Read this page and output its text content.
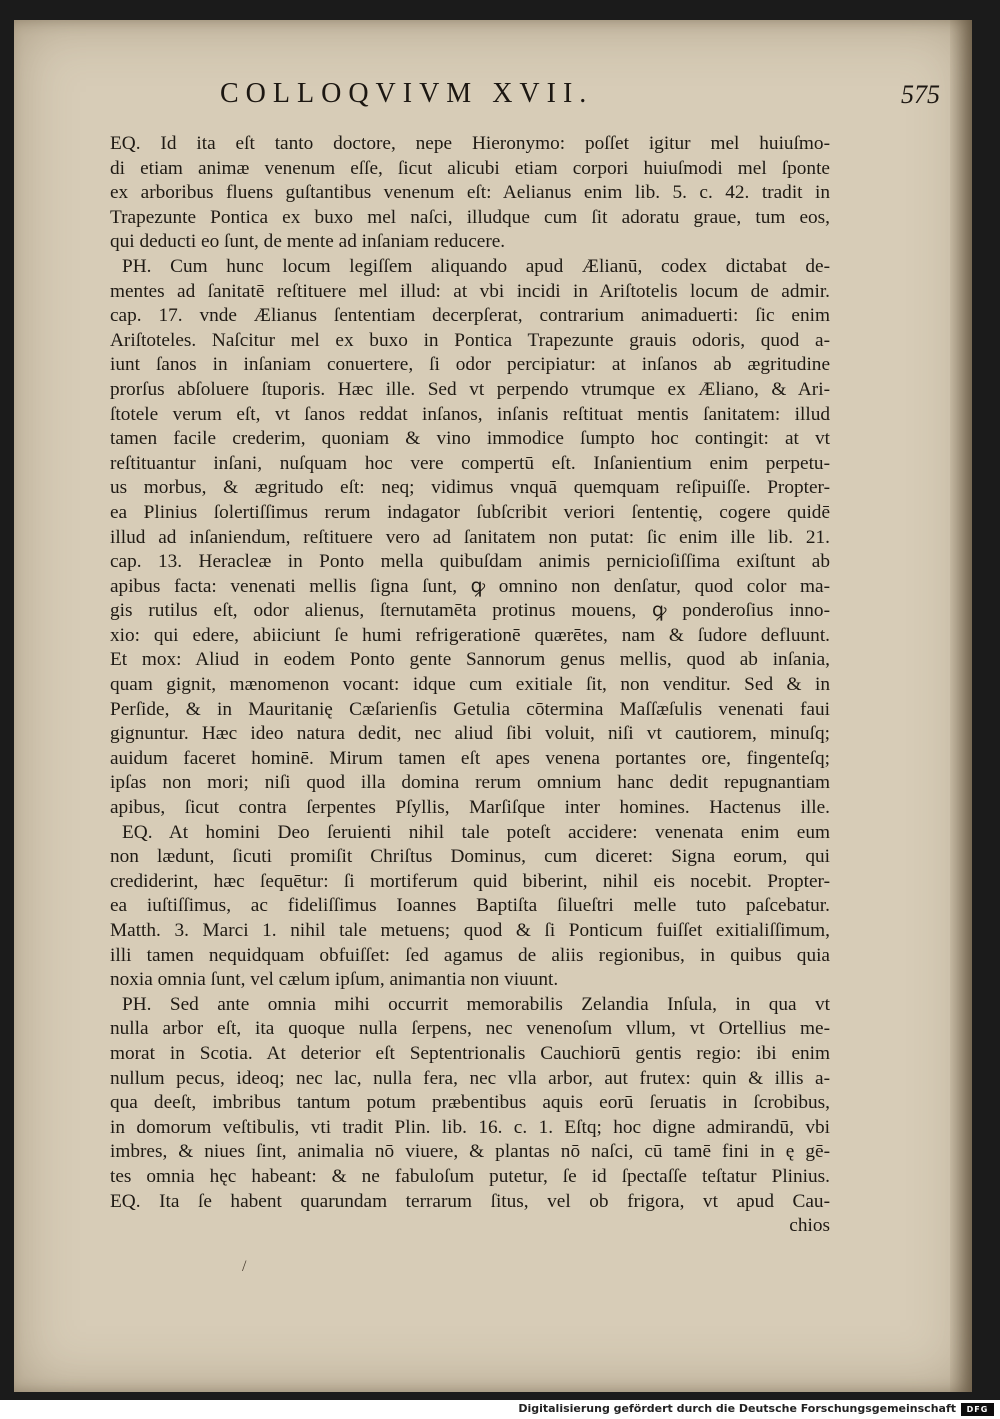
COLLOQVIVM XVII.	575
EQ. Id ita eſt tanto doctore, nepe Hieronymo: poſſet igitur mel huiuſmo-
di etiam animæ venenum eſſe, ſicut alicubi etiam corpori huiuſmodi mel ſponte
ex arboribus fluens guſtantibus venenum eſt: Aelianus enim lib. 5. c. 42. tradit in
Trapezunte Pontica ex buxo mel naſci, illudque cum ſit adoratu graue, tum eos,
qui deducti eo ſunt, de mente ad inſaniam reducere.
PH. Cum hunc locum legiſſem aliquando apud Ælianū, codex dictabat de-
mentes ad ſanitatē reſtituere mel illud: at vbi incidi in Ariſtotelis locum de admir.
cap. 17. vnde Ælianus ſententiam decerpſerat, contrarium animaduerti: ſic enim
Ariſtoteles. Naſcitur mel ex buxo in Pontica Trapezunte grauis odoris, quod a-
iunt ſanos in inſaniam conuertere, ſi odor percipiatur: at inſanos ab ægritudine
prorſus abſoluere ſtuporis. Hæc ille. Sed vt perpendo vtrumque ex Æliano, & Ari-
ſtotele verum eſt, vt ſanos reddat inſanos, inſanis reſtituat mentis ſanitatem: illud
tamen facile crederim, quoniam & vino immodice ſumpto hoc contingit: at vt
reſtituantur inſani, nuſquam hoc vere compertū eſt. Inſanientium enim perpetu-
us morbus, & ægritudo eſt: neq; vidimus vnquā quemquam reſipuiſſe. Propter-
ea Plinius ſolertiſſimus rerum indagator ſubſcribit veriori ſententię, cogere quidē
illud ad inſaniendum, reſtituere vero ad ſanitatem non putat: ſic enim ille lib. 21.
cap. 13. Heracleæ in Ponto mella quibuſdam animis pernicioſiſſima exiſtunt ab
apibus facta: venenati mellis ſigna ſunt, ꝙ omnino non denſatur, quod color ma-
gis rutilus eſt, odor alienus, ſternutamēta protinus mouens, ꝙ ponderoſius inno-
xio: qui edere, abiiciunt ſe humi refrigerationē quærētes, nam & ſudore defluunt.
Et mox: Aliud in eodem Ponto gente Sannorum genus mellis, quod ab inſania,
quam gignit, mænomenon vocant: idque cum exitiale ſit, non venditur. Sed & in
Perſide, & in Mauritanię Cæſarienſis Getulia cōtermina Maſſæſulis venenati faui
gignuntur. Hæc ideo natura dedit, nec aliud ſibi voluit, niſi vt cautiorem, minuſq;
auidum faceret hominē. Mirum tamen eſt apes venena portantes ore, fingenteſq;
ipſas non mori; niſi quod illa domina rerum omnium hanc dedit repugnantiam
apibus, ſicut contra ſerpentes Pſyllis, Marſiſque inter homines. Hactenus ille.
EQ. At homini Deo ſeruienti nihil tale poteſt accidere: venenata enim eum
non lædunt, ſicuti promiſit Chriſtus Dominus, cum diceret: Signa eorum, qui
crediderint, hæc ſequētur: ſi mortiferum quid biberint, nihil eis nocebit. Propter-
ea iuſtiſſimus, ac fideliſſimus Ioannes Baptiſta ſilueſtri melle tuto paſcebatur.
Matth. 3. Marci 1. nihil tale metuens; quod & ſi Ponticum fuiſſet exitialiſſimum,
illi tamen nequidquam obfuiſſet: ſed agamus de aliis regionibus, in quibus quia
noxia omnia ſunt, vel cælum ipſum, animantia non viuunt.
PH. Sed ante omnia mihi occurrit memorabilis Zelandia Inſula, in qua vt
nulla arbor eſt, ita quoque nulla ſerpens, nec venenoſum vllum, vt Ortellius me-
morat in Scotia. At deterior eſt Septentrionalis Cauchiorū gentis regio: ibi enim
nullum pecus, ideoq; nec lac, nulla fera, nec vlla arbor, aut frutex: quin & illis a-
qua deeſt, imbribus tantum potum præbentibus aquis eorū ſeruatis in ſcrobibus,
in domorum veſtibulis, vti tradit Plin. lib. 16. c. 1. Eſtq; hoc digne admirandū, vbi
imbres, & niues ſint, animalia nō viuere, & plantas nō naſci, cū tamē fini in ę gē-
tes omnia hęc habeant: & ne fabuloſum putetur, ſe id ſpectaſſe teſtatur Plinius.
EQ. Ita ſe habent quarundam terrarum ſitus, vel ob frigora, vt apud Cau-
chios
/
Digitalisierung gefördert durch die Deutsche Forschungsgemeinschaft	DFG
